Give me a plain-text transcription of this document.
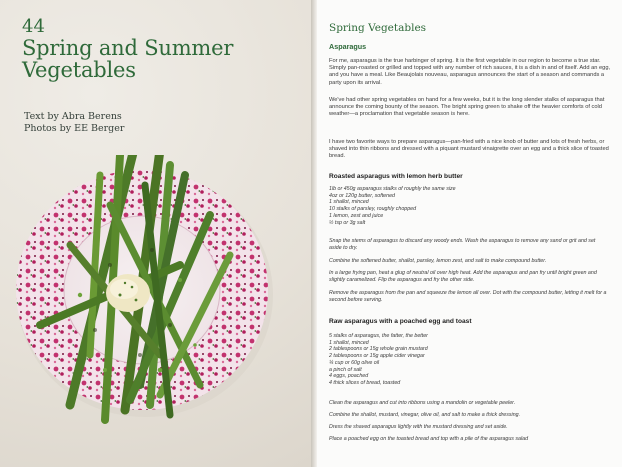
44
Spring and Summer
Vegetables
Text by Abra Berens
Photos by EE Berger
Spring Vegetables
Asparagus

For me, asparagus is the true harbinger of spring. It is the first vegetable in our region to become a true star. Simply pan-roasted or grilled and topped with any number of rich sauces, it is a dish in and of itself. Add an egg, and you have a meal. Like Beaujolais nouveau, asparagus announces the start of a season and commands a party upon its arrival.

We've had other spring vegetables on hand for a few weeks, but it is the long slender stalks of asparagus that announce the coming bounty of the season. The bright spring green to shake off the heavier comforts of cold weather—a proclamation that vegetable season is here.

I have two favorite ways to prepare asparagus—pan-fried with a nice knob of butter and lots of fresh herbs, or shaved into thin ribbons and dressed with a piquant mustard vinaigrette over an egg and a thick slice of toasted bread.

Roasted asparagus with lemon herb butter
1lb or 450g asparagus stalks of roughly the same size
4oz or 120g butter, softened
1 shallot, minced
10 stalks of parsley, roughly chopped
1 lemon, zest and juice
½ tsp or 3g salt

Snap the stems of asparagus to discard any woody ends. Wash the asparagus to remove any sand or grit and set aside to dry.

Combine the softened butter, shallot, parsley, lemon zest, and salt to make compound butter.

In a large frying pan, heat a glug of neutral oil over high heat. Add the asparagus and pan fry until bright green and slightly caramelized. Flip the asparagus and fry the other side.

Remove the asparagus from the pan and squeeze the lemon all over. Dot with the compound butter, letting it melt for a second before serving.

Raw asparagus with a poached egg and toast
5 stalks of asparagus, the fatter, the better
1 shallot, minced
2 tablespoons or 15g whole grain mustard
2 tablespoons or 15g apple cider vinegar
¼ cup or 60g olive oil
a pinch of salt
4 eggs, poached
4 thick slices of bread, toasted

Clean the asparagus and cut into ribbons using a mandolin or vegetable peeler.

Combine the shallot, mustard, vinegar, olive oil, and salt to make a thick dressing.

Dress the shaved asparagus lightly with the mustard dressing and set aside.

Place a poached egg on the toasted bread and top with a pile of the asparagus salad
